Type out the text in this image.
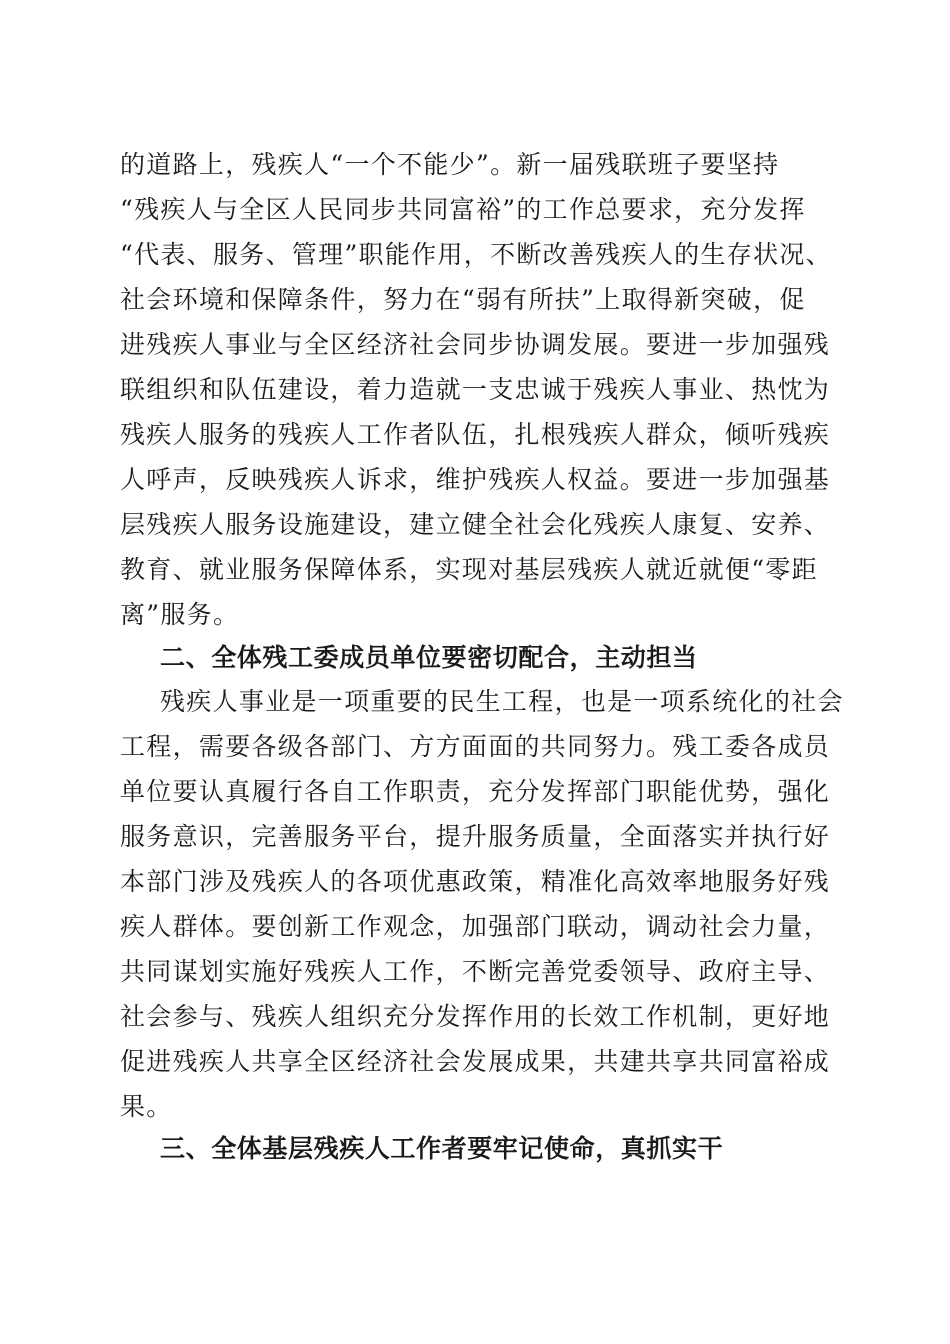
的道路上，残疾人“一个不能少”。新一届残联班子要坚持
“残疾人与全区人民同步共同富裕”的工作总要求，充分发挥
“代表、服务、管理”职能作用，不断改善残疾人的生存状况、
社会环境和保障条件，努力在“弱有所扶”上取得新突破，促
进残疾人事业与全区经济社会同步协调发展。要进一步加强残
联组织和队伍建设，着力造就一支忠诚于残疾人事业、热忱为
残疾人服务的残疾人工作者队伍，扎根残疾人群众，倾听残疾
人呼声，反映残疾人诉求，维护残疾人权益。要进一步加强基
层残疾人服务设施建设，建立健全社会化残疾人康复、安养、
教育、就业服务保障体系，实现对基层残疾人就近就便“零距
离”服务。
二、全体残工委成员单位要密切配合，主动担当
残疾人事业是一项重要的民生工程，也是一项系统化的社会
工程，需要各级各部门、方方面面的共同努力。残工委各成员
单位要认真履行各自工作职责，充分发挥部门职能优势，强化
服务意识，完善服务平台，提升服务质量，全面落实并执行好
本部门涉及残疾人的各项优惠政策，精准化高效率地服务好残
疾人群体。要创新工作观念，加强部门联动，调动社会力量，
共同谋划实施好残疾人工作，不断完善党委领导、政府主导、
社会参与、残疾人组织充分发挥作用的长效工作机制，更好地
促进残疾人共享全区经济社会发展成果，共建共享共同富裕成
果。
三、全体基层残疾人工作者要牢记使命，真抓实干
